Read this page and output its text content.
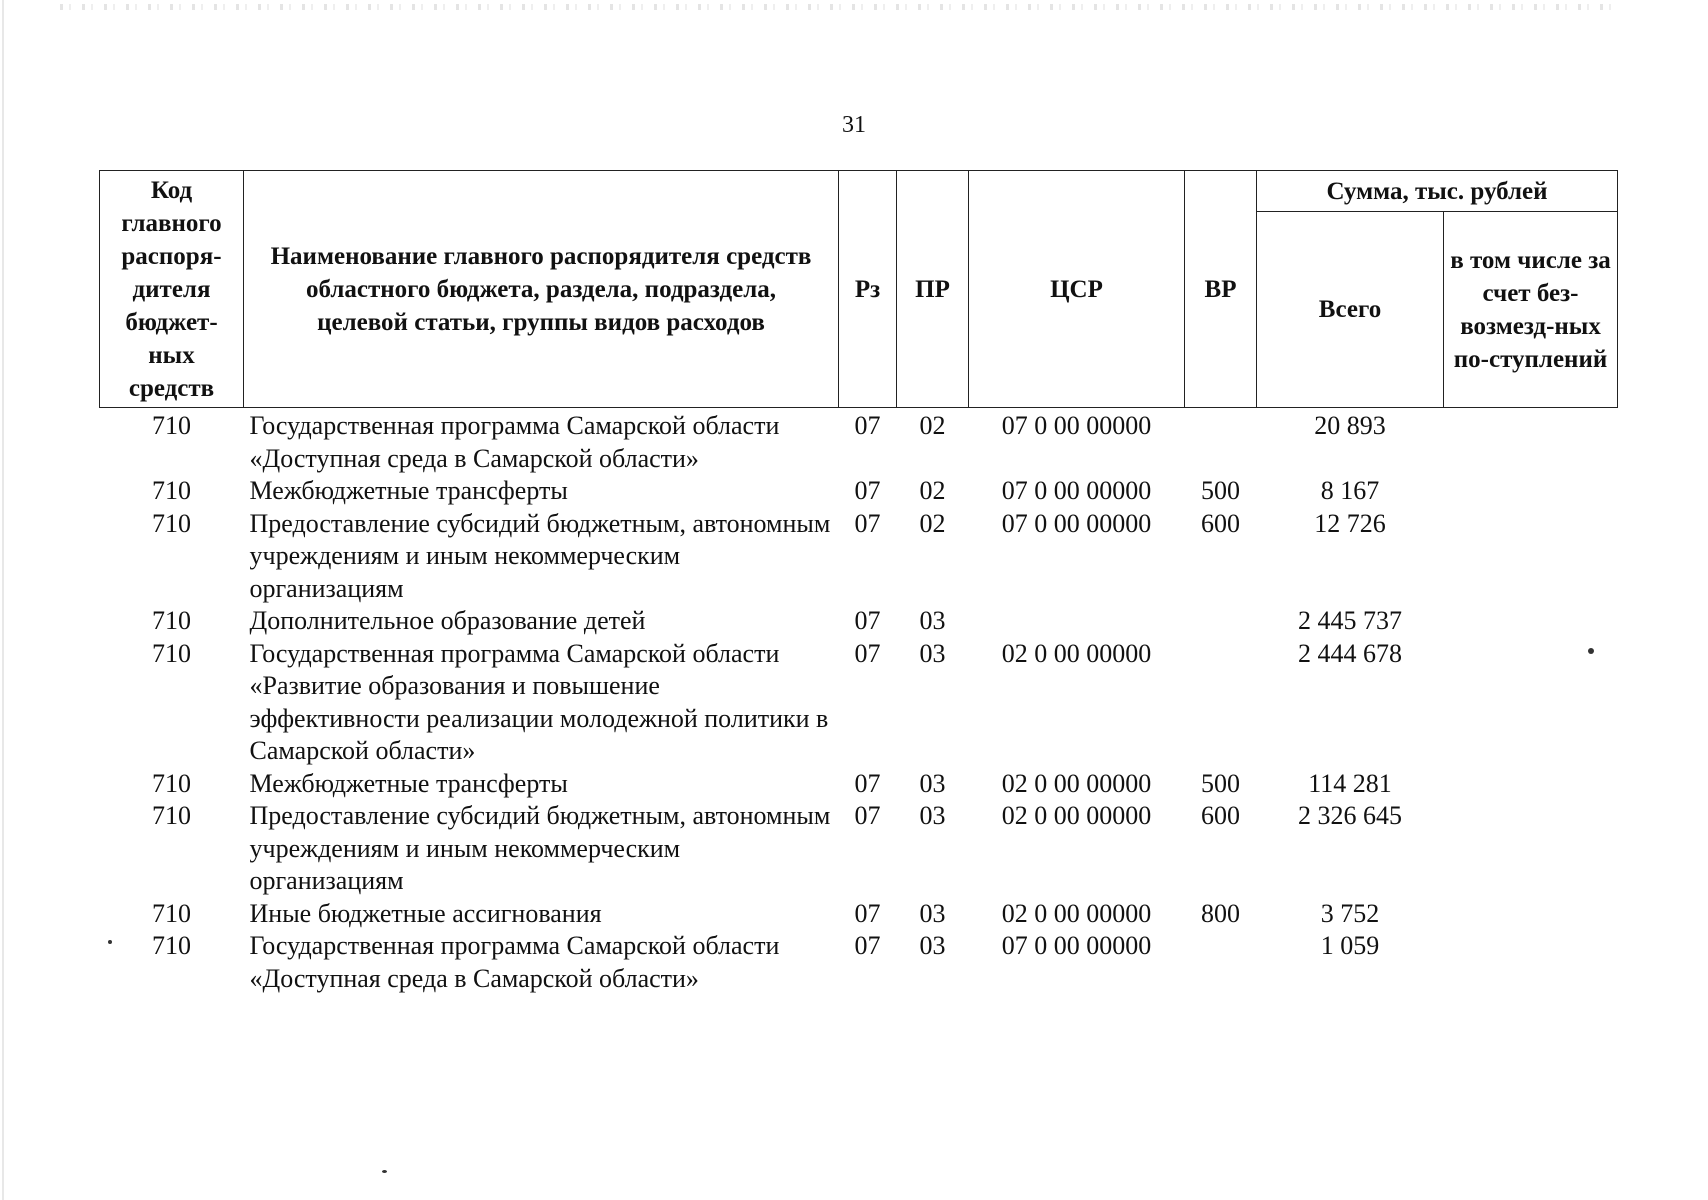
31
Код главного распоря-дителя бюджет-ных средств	Наименование главного распорядителя средств областного бюджета, раздела, подраздела, целевой статьи, группы видов расходов	Рз	ПР	ЦСР	ВР	Сумма, тыс. рублей	
						Всего	в том числе за счет без-возмезд-ных по-ступлений
710	Государственная программа Самарской области «Доступная среда в Самарской области»	07	02	07 0 00 00000		20 893	
710	Межбюджетные трансферты	07	02	07 0 00 00000	500	8 167	
710	Предоставление субсидий бюджетным, автономным учреждениям и иным некоммерческим организациям	07	02	07 0 00 00000	600	12 726	
710	Дополнительное образование детей	07	03			2 445 737	
710	Государственная программа Самарской области «Развитие образования и повышение эффективности реализации молодежной политики в Самарской области»	07	03	02 0 00 00000		2 444 678	
710	Межбюджетные трансферты	07	03	02 0 00 00000	500	114 281	
710	Предоставление субсидий бюджетным, автономным учреждениям и иным некоммерческим организациям	07	03	02 0 00 00000	600	2 326 645	
710	Иные бюджетные ассигнования	07	03	02 0 00 00000	800	3 752	
710	Государственная программа Самарской области «Доступная среда в Самарской области»	07	03	07 0 00 00000		1 059	
